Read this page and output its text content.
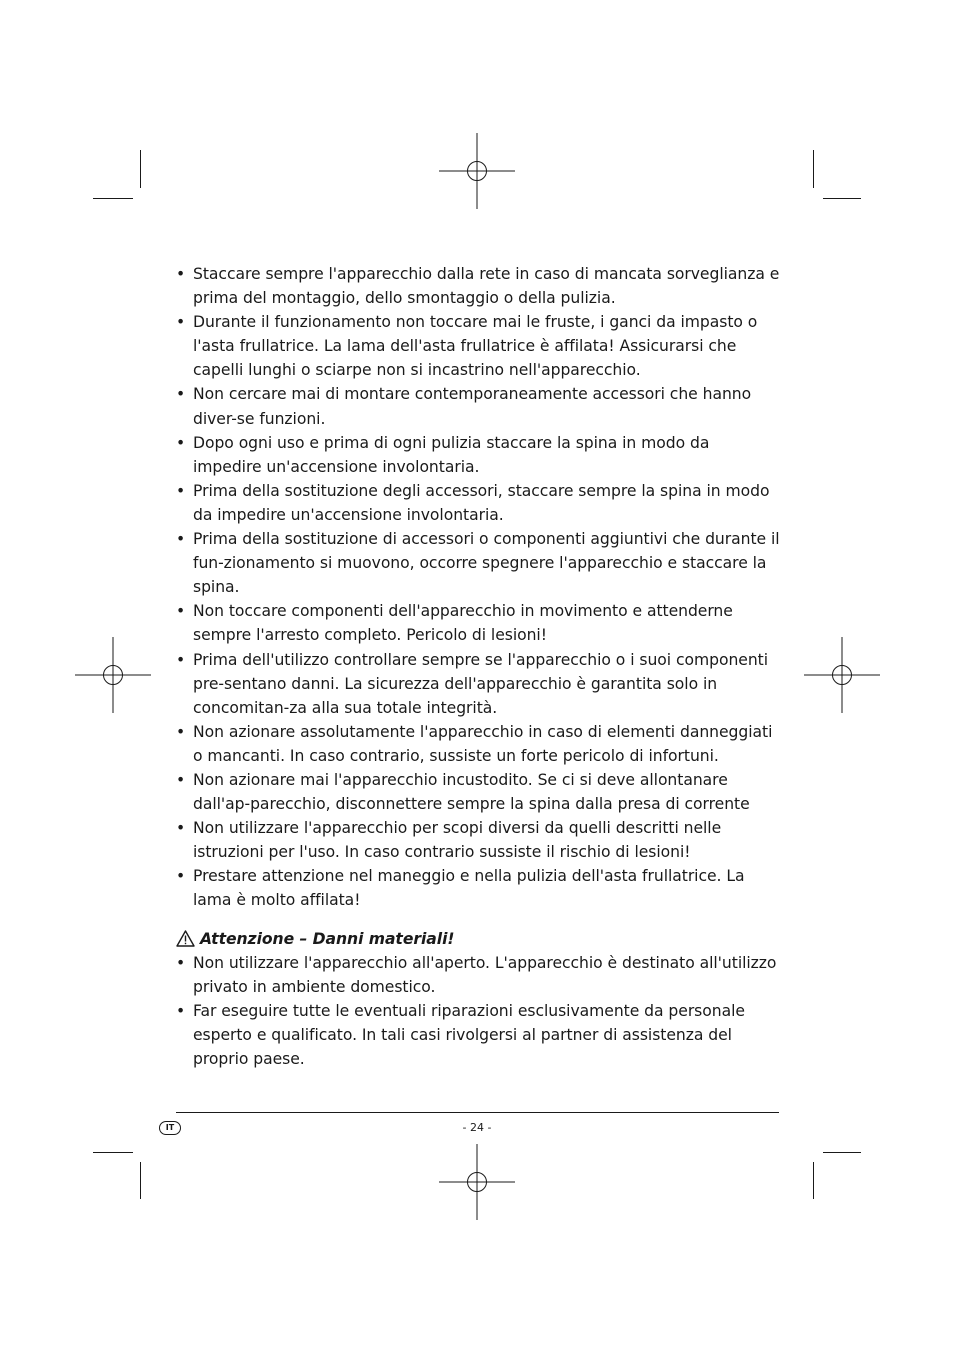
• Staccare sempre l'apparecchio dalla rete in caso di mancata sorveglianza e prima del montaggio, dello smontaggio o della pulizia.
• Durante il funzionamento non toccare mai le fruste, i ganci da impasto o l'asta frullatrice. La lama dell'asta frullatrice è affilata! Assicurarsi che capelli lunghi o sciarpe non si incastrino nell'apparecchio.
• Non cercare mai di montare contemporaneamente accessori che hanno diver-se funzioni.
• Dopo ogni uso e prima di ogni pulizia staccare la spina in modo da impedire un'accensione involontaria.
• Prima della sostituzione degli accessori, staccare sempre la spina in modo da impedire un'accensione involontaria.
• Prima della sostituzione di accessori o componenti aggiuntivi che durante il fun-zionamento si muovono, occorre spegnere l'apparecchio e staccare la spina.
• Non toccare componenti dell'apparecchio in movimento e attenderne sempre l'arresto completo. Pericolo di lesioni!
• Prima dell'utilizzo controllare sempre se l'apparecchio o i suoi componenti pre-sentano danni. La sicurezza dell'apparecchio è garantita solo in concomitan-za alla sua totale integrità.
• Non azionare assolutamente l'apparecchio in caso di elementi danneggiati o mancanti. In caso contrario, sussiste un forte pericolo di infortuni.
• Non azionare mai l'apparecchio incustodito. Se ci si deve allontanare dall'ap-parecchio, disconnettere sempre la spina dalla presa di corrente
• Non utilizzare l'apparecchio per scopi diversi da quelli descritti nelle istruzioni per l'uso. In caso contrario sussiste il rischio di lesioni!
• Prestare attenzione nel maneggio e nella pulizia dell'asta frullatrice. La lama è molto affilata!
Attenzione – Danni materiali!
• Non utilizzare l'apparecchio all'aperto. L'apparecchio è destinato all'utilizzo privato in ambiente domestico.
• Far eseguire tutte le eventuali riparazioni esclusivamente da personale esperto e qualificato. In tali casi rivolgersi al partner di assistenza del proprio paese.
IT	- 24 -
